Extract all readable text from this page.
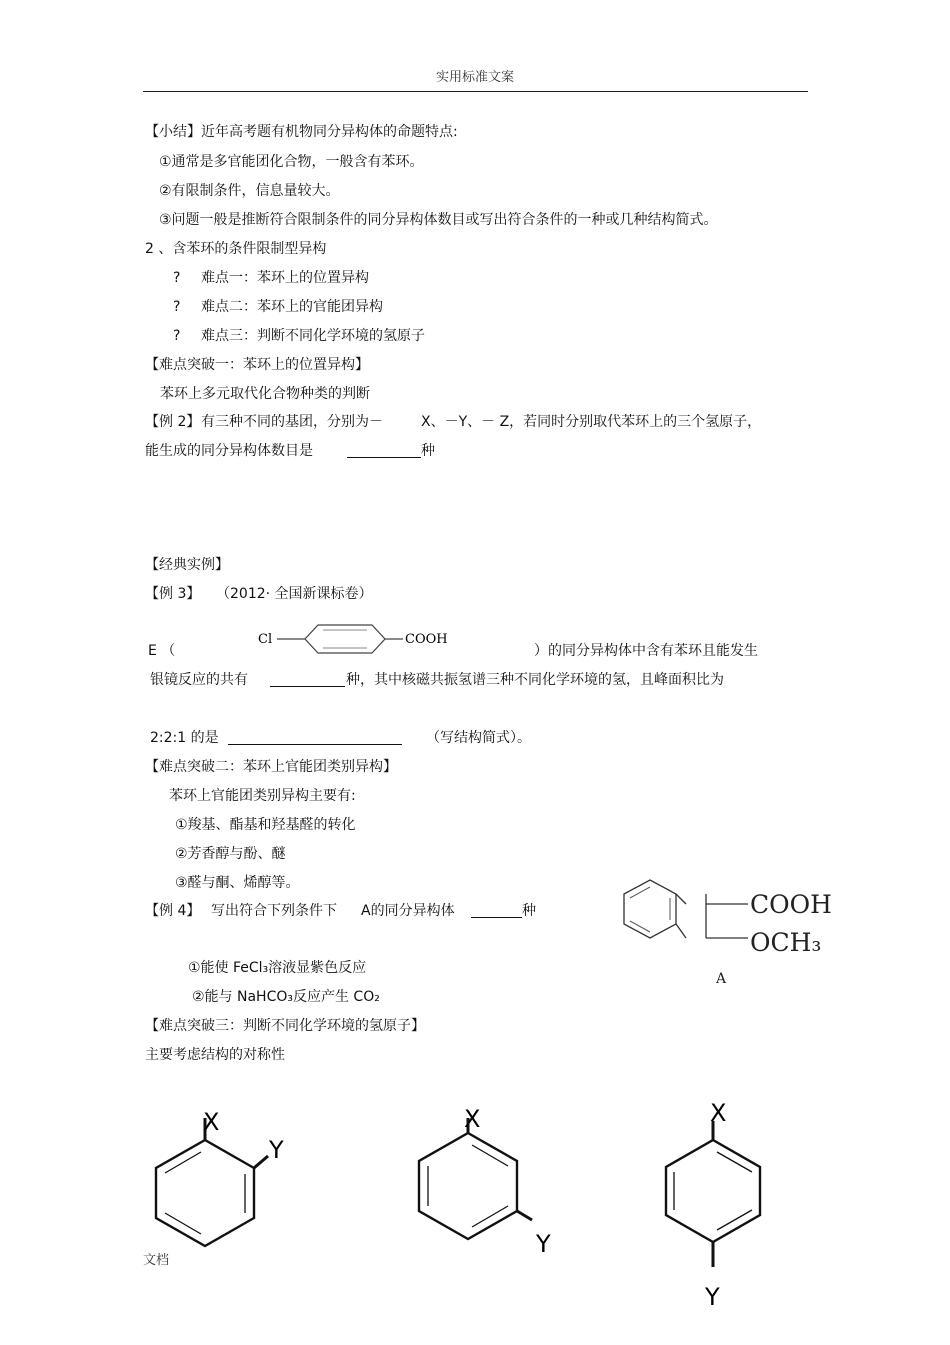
实用标准文案
【小结】近年高考题有机物同分异构体的命题特点:
①通常是多官能团化合物，一般含有苯环。
②有限制条件，信息量较大。
③问题一般是推断符合限制条件的同分异构体数目或写出符合条件的一种或几种结构简式。
2 、含苯环的条件限制型异构
? 难点一：苯环上的位置异构
? 难点二：苯环上的官能团异构
? 难点三：判断不同化学环境的氢原子
【难点突破一：苯环上的位置异构】
苯环上多元取代化合物种类的判断
【例 2】 有三种不同的基团，分别为－	X、－Y、－ Z，若同时分别取代苯环上的三个氢原子，
能生成的同分异构体数目是	种
【经典实例】
【例 3】 （2012· 全国新课标卷）
E （
Cl	COOH
）的同分异构体中含有苯环且能发生
银镜反应的共有	种，其中核磁共振氢谱三种不同化学环境的氢，且峰面积比为
2:2:1 的是	（写结构简式）。
【难点突破二：苯环上官能团类别异构】
苯环上官能团类别异构主要有:
①羧基、酯基和羟基醛的转化
②芳香醇与酚、醚
③醛与酮、烯醇等。
【例 4】 写出符合下列条件下 A的同分异构体	种	COOH
OCH₃
A
①能使 FeCl₃溶液显紫色反应
②能与 NaHCO₃反应产生 CO₂
【难点突破三：判断不同化学环境的氢原子】
主要考虑结构的对称性
X
Y
X
Y
X
Y
文档
